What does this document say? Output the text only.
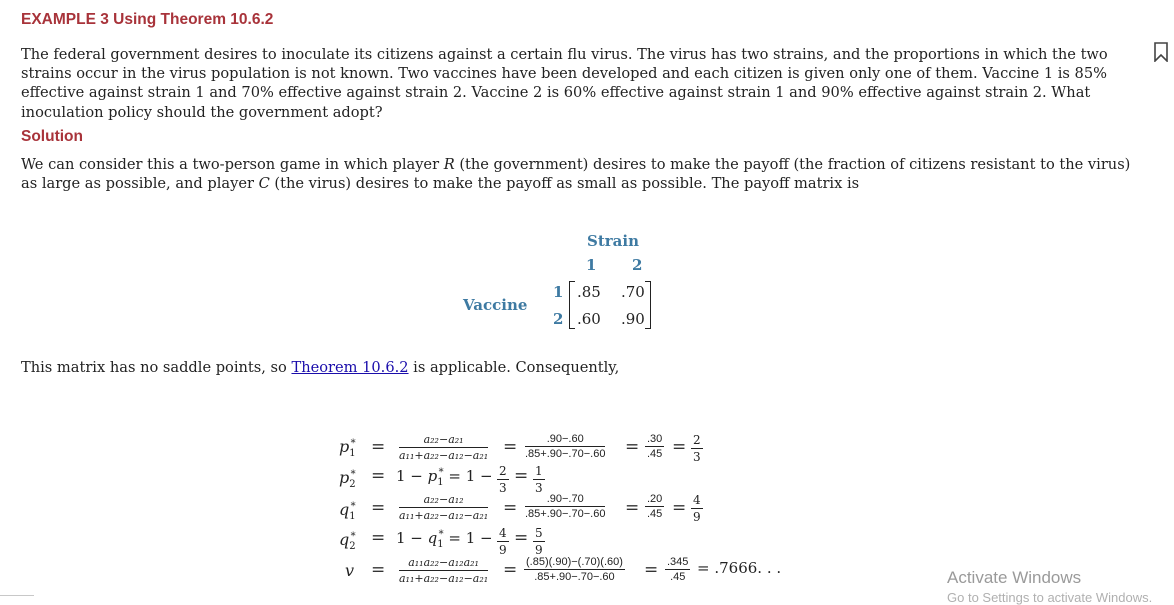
EXAMPLE 3 Using Theorem 10.6.2
The federal government desires to inoculate its citizens against a certain flu virus. The virus has two strains, and the proportions in which the two strains occur in the virus population is not known. Two vaccines have been developed and each citizen is given only one of them. Vaccine 1 is 85% effective against strain 1 and 70% effective against strain 2. Vaccine 2 is 60% effective against strain 1 and 90% effective against strain 2. What inoculation policy should the government adopt?
Solution
We can consider this a two-person game in which player R (the government) desires to make the payoff (the fraction of citizens resistant to the virus) as large as possible, and player C (the virus) desires to make the payoff as small as possible. The payoff matrix is
Strain
1 2
Vaccine
1
2
.85 .70
.60 .90
This matrix has no saddle points, so Theorem 10.6.2 is applicable. Consequently,
$p_1^* = \frac{\text{a₂₂−a₂₁}}{\text{a₁₁+a₂₂−a₁₂−a₂₁}} = \frac{.90-.60}{.85+.90-.70-.60} = \frac{.30}{.45} = \frac{2}{3}$
$p_2^* = 1 - p_1^* = 1 - \frac{2}{3} = \frac{1}{3}$
$q_1^* = \frac{\text{a₂₂−a₁₂}}{\text{a₁₁+a₂₂−a₁₂−a₂₁}} = \frac{.90-.70}{.85+.90-.70-.60} = \frac{.20}{.45} = \frac{4}{9}$
$q_2^* = 1 - q_1^* = 1 - \frac{4}{9} = \frac{5}{9}$
$v = \frac{\text{a₁₁a₂₂−a₁₂a₂₁}}{\text{a₁₁+a₂₂−a₁₂−a₂₁}} = \frac{(.85)(.90)-(.70)(.60)}{.85+.90-.70-.60} = \frac{.345}{.45} = .7666$. . .	Activate Windows
Go to Settings to activate Windows.
